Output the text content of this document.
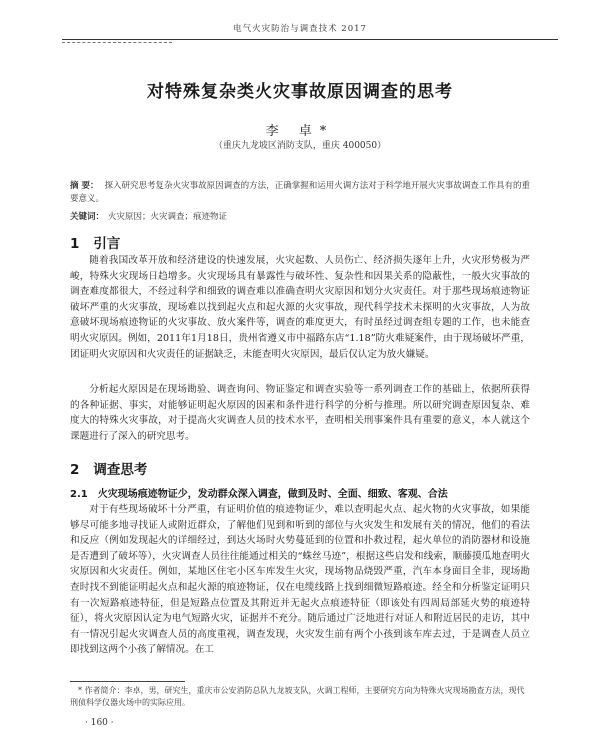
电气火灾防治与调查技术 2017
对特殊复杂类火灾事故原因调查的思考
李 卓*
（重庆九龙坡区消防支队，重庆 400050）
摘 要： 探入研究思考复杂火灾事故原因调查的方法，正确掌握和运用火调方法对于科学地开展火灾事故调查工作具有的重要意义。
关键词： 火灾原因；火灾调查；痕迹物证
1 引言
随着我国改革开放和经济建设的快速发展，火灾起数、人员伤亡、经济损失逐年上升，火灾形势极为严峻，特殊火灾现场日趋增多。火灾现场具有暴露性与破坏性、复杂性和因果关系的隐蔽性，一般火灾事故的调查难度都很大，不经过科学和细致的调查难以准确查明火灾原因和划分火灾责任。对于那些现场痕迹物证破坏严重的火灾事故，现场难以找到起火点和起火源的火灾事故，现代科学技术未探明的火灾事故，人为故意破坏现场痕迹物证的火灾事故、放火案件等，调查的难度更大，有时虽经过调查组专题的工作，也未能查明火灾原因。例如，2011年1月18日，贵州省遵义市中福路东店“1.18”防火难疑案件，由于现场破坏严重，团证明火灾原因和火灾责任的证据缺乏，未能查明火灾原因，最后仅认定为放火嫌疑。
分析起火原因是在现场勘验、调查询问、物证鉴定和调查实验等一系列调查工作的基础上，依据所获得的各种证据、事实，对能够证明起火原因的因素和条件进行科学的分析与推理。所以研究调查原因复杂、难度大的特殊火灾事故，对于提高火灾调查人员的技术水平，查明相关刑事案件具有重要的意义，本人就这个课题进行了深入的研究思考。
2 调查思考
2.1 火灾现场痕迹物证少，发动群众深入调查，做到及时、全面、细致、客观、合法
对于有些现场破坏十分严重，有证明价值的痕迹物证少，难以查明起火点、起火物的火灾事故，如果能够尽可能多地寻找证人或附近群众，了解他们见到和听到的部位与火灾发生和发展有关的情况，他们的看法和反应（例如发现起火的详细经过，到达火场时火势蔓延到的位置和扑救过程，起火单位的消防器材和设施是否遭到了破坏等），火灾调查人员往往能通过相关的“蛛丝马迹”，根据这些启发和线索，顺藤摸瓜地查明火灾原因和火灾责任。例如，某地区住宅小区车库发生火灾，现场物品烧毁严重，汽车本身面目全非，现场勘查时找不到能证明起火点和起火源的痕迹物证，仅在电缆线路上找到细微短路痕迹。经全和分析鉴定证明只有一次短路痕迹特征，但是短路点位置及其附近并无起火点痕迹特征（即该处有四周局部延火势的痕迹特征），将火灾原因认定为电气短路火灾，证据并不充分。随后通过广泛地进行对证人和附近居民的走访，其中有一情况引起火灾调查人员的高度重视，调查发现，火灾发生前有两个小孩到该车库去过，于是调查人员立即找到这两个小孩了解情况。在工
* 作者简介：李卓，男，研究生，重庆市公安消防总队九龙坡支队，火调工程师，主要研究方向为特殊火灾现场勘查方法，现代刑侦科学仪器火场中的实际应用。
· 160 ·
